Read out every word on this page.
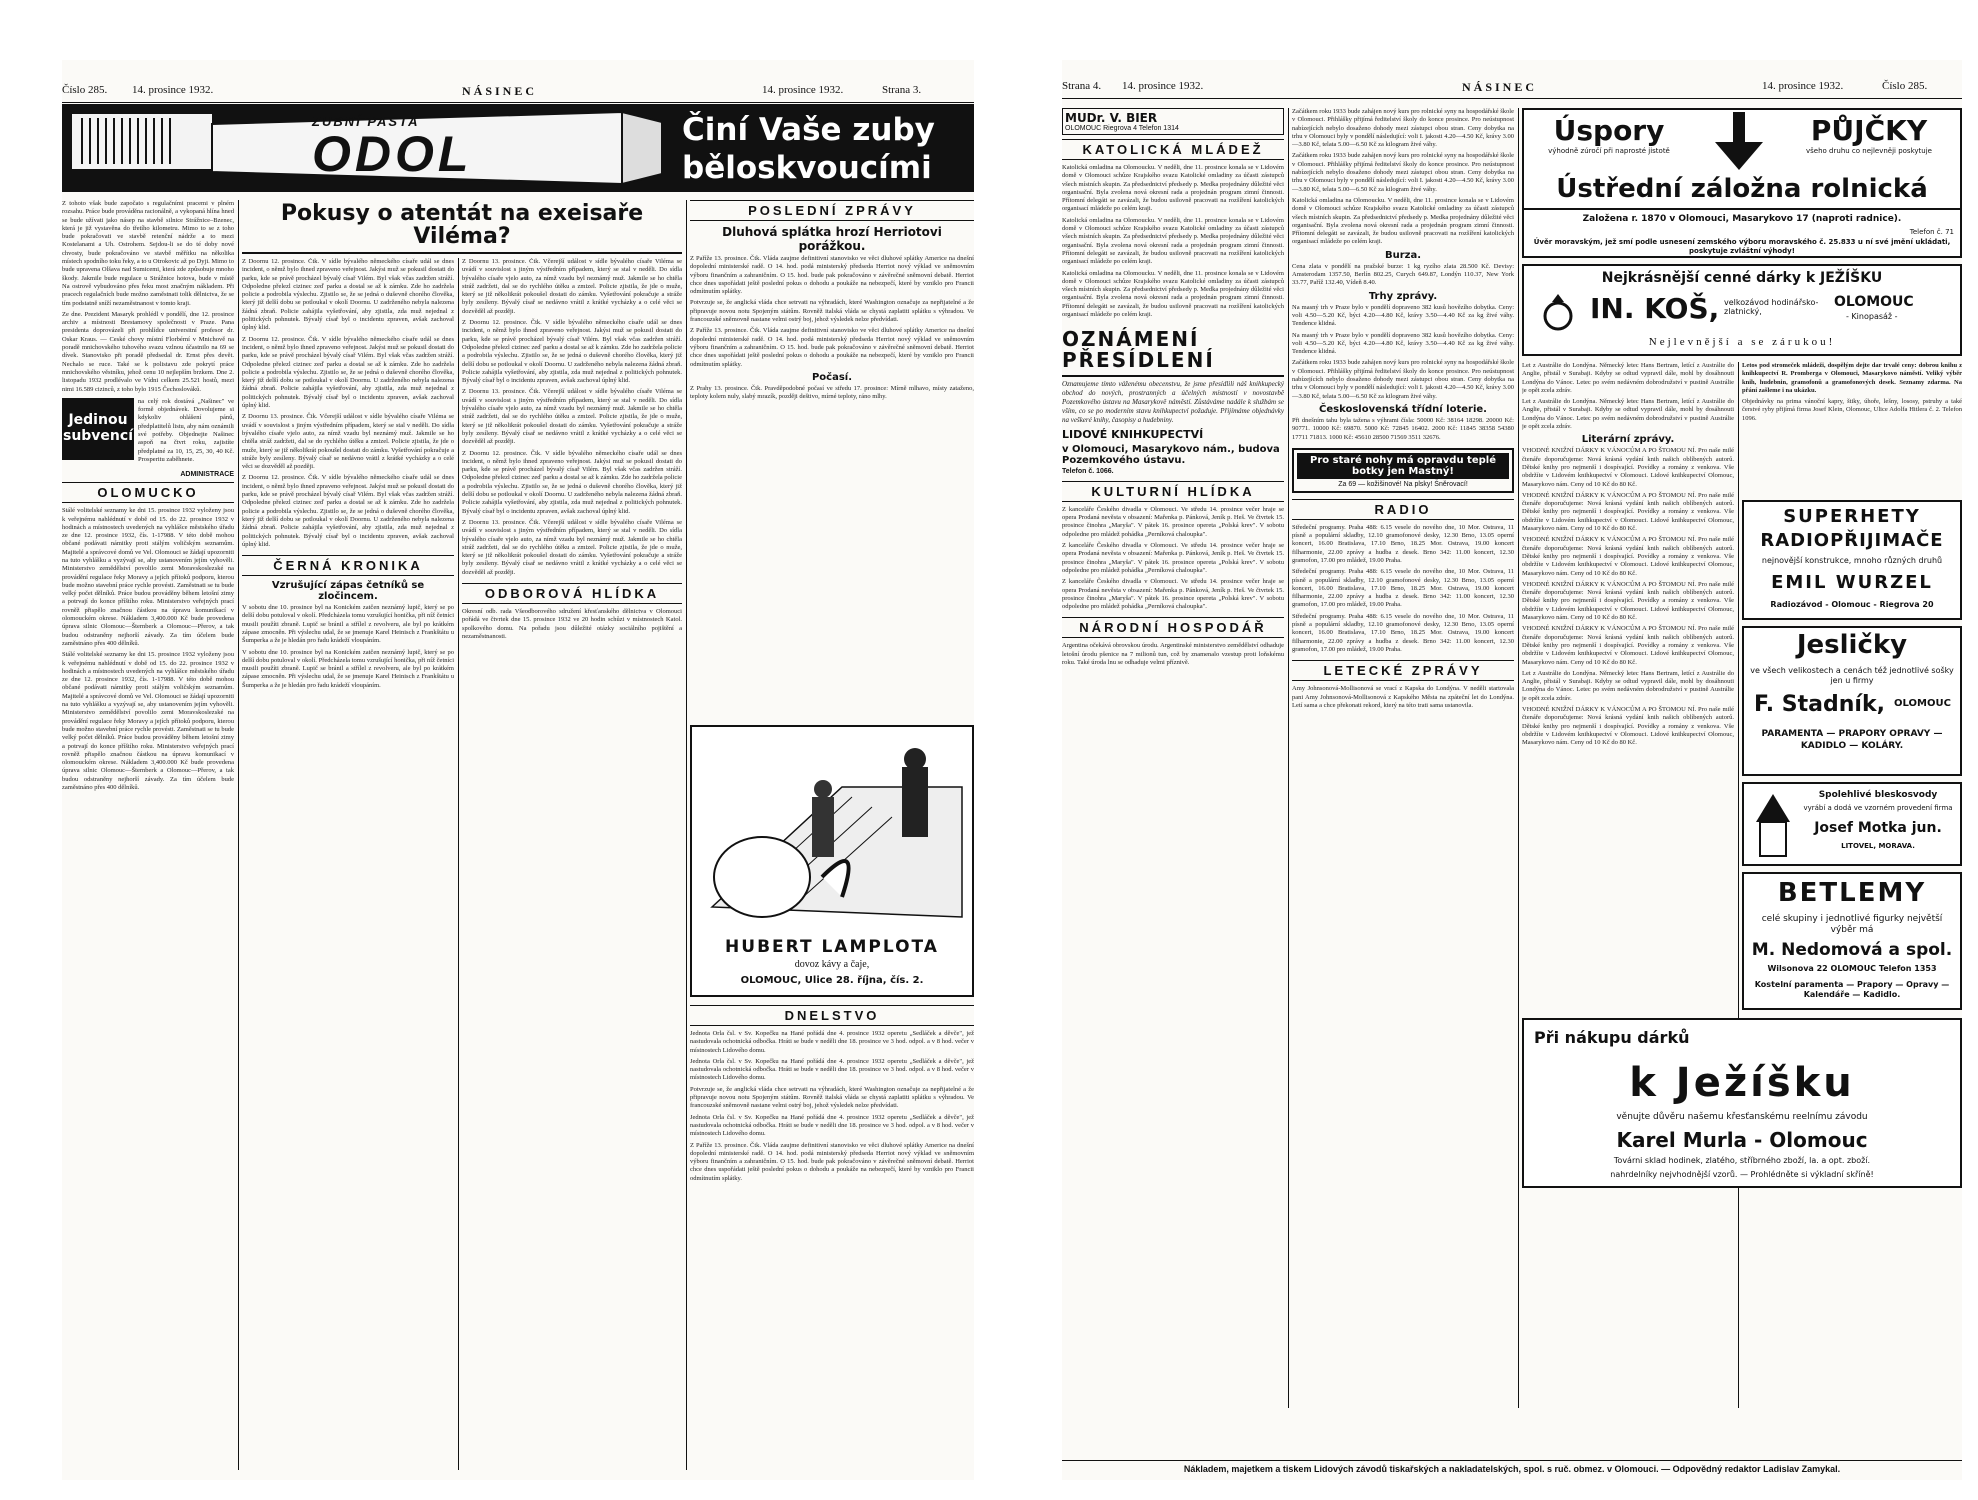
Číslo 285. 14. prosince 1932.	NÁSINEC	14. prosince 1932.	Strana 3.
ZUBNÍ PASTA
ODOL	Činí Vaše zuby
běloskvoucími
Pokusy o atentát na exeisaře Viléma?

Z tohoto však bude započato s regulačními pracemi v plném rozsahu. Práce bude prováděna racionálně, a vykopaná hlína hned se bude užívati jako násep na stavbě silnice Strážnice–Bzenec, která je již vystavěna do třetího kilometru. Mimo to se z toho bude pokračovati ve stavbě retenční nádrže a to mezi Kostelanami a Uh. Ostrohem. Sejdou-li se do té doby nové chvosty, bude pokračováno ve stavbě měřítku na několika místech spodního toku řeky, a to u Otrokovic až po Dyji. Mimo to bude upravena Olšava nad Sumicemi, která zde způsobuje mnoho škody. Jakmile bude regulace u Strážnice hotova, bude v místě Na ostrově vybudováno přes řeku most značným nákladem. Při pracech regulačních bude možno zaměstnati tolik dělnictva, že se tím podstatně sníží nezaměstnanost v tomto kraji.

Ze dne. Prezident Masaryk prohlédl v pondělí, dne 12. prosince archiv a místnosti Brestamovy společnosti v Praze. Pana presidenta doprovázeli při prohlídce universitní profesor dr. Oskar Kraus. — Ceské chovy místní Florbérní v Mnichově na poradě mnichovského tuhového svazu vzlnou účastnilo na 69 se dívek. Stanovisko při poradě předsedal dr. Ernst přes devět. Nechalo se ruce. Také se k polistavu zde pokrytí práce mnichovského věstníku, jehož cenu 10 nejlepším brzkem. Dne 2. listopadu 1932 prodlévalo ve Vídni celkem 25.521 hostů, mezi nimi 16.589 cizinců, z toho bylo 1915 Čechoslováků.

Jedinou subvencí

na celý rok dostává „Našinec" ve formě objednávek. Dovolujeme si kdykoliv ohlášení pánů, předplatitelů listu, aby nám oznámili své potřeby. Objednejte Našinec aspoň na čtvrt roku, zajistíte předplatné za 10, 15, 25, 30, 40 Kč. Prosperitu zaběhnete.

ADMINISTRACE
OLOMUCKO

Stálé volitelské seznamy ke dni 15. prosince 1932 vyloženy jsou k veřejnému nahlédnutí v době od 15. do 22. prosince 1932 v hodinách a místnostech uvedených na vyhlášce městského úřadu ze dne 12. prosince 1932, čís. 1-17988. V této době mohou občané podávati námitky proti stálým voličským seznamům. Majitelé a správcové domů ve Vel. Olomouci se žádají upozorniti na tuto vyhlášku a vyzývají se, aby ustanovením jejím vyhověli. Ministerstvo zemědělství povolilo zemi Moravskoslezské na provádění regulace řeky Moravy a jejích přítoků podporu, kterou bude možno stavební práce rychle provésti. Zaměstnati se tu bude velký počet dělníků. Práce budou prováděny během letošní zimy a potrvají do konce příštího roku. Ministerstvo veřejných prací rovněž přispělo značnou částkou na úpravu komunikací v olomouckém okrese. Nákladem 3,400.000 Kč bude provedena úprava silnic Olomouc—Šternberk a Olomouc—Přerov, a tak budou odstraněny nejhorší závady. Za tím účelem bude zaměstnáno přes 400 dělníků.

Stálé volitelské seznamy ke dni 15. prosince 1932 vyloženy jsou k veřejnému nahlédnutí v době od 15. do 22. prosince 1932 v hodinách a místnostech uvedených na vyhlášce městského úřadu ze dne 12. prosince 1932, čís. 1-17988. V této době mohou občané podávati námitky proti stálým voličským seznamům. Majitelé a správcové domů ve Vel. Olomouci se žádají upozorniti na tuto vyhlášku a vyzývají se, aby ustanovením jejím vyhověli. Ministerstvo zemědělství povolilo zemi Moravskoslezské na provádění regulace řeky Moravy a jejích přítoků podporu, kterou bude možno stavební práce rychle provésti. Zaměstnati se tu bude velký počet dělníků. Práce budou prováděny během letošní zimy a potrvají do konce příštího roku. Ministerstvo veřejných prací rovněž přispělo značnou částkou na úpravu komunikací v olomouckém okrese. Nákladem 3,400.000 Kč bude provedena úprava silnic Olomouc—Šternberk a Olomouc—Přerov, a tak budou odstraněny nejhorší závady. Za tím účelem bude zaměstnáno přes 400 dělníků.

Z Doornu 12. prosince. Čtk. V sídle bývalého německého císaře udál se dnes incident, o němž bylo ihned zpraveno veřejnost. Jakýsi muž se pokusil dostati do parku, kde se právě procházel bývalý císař Vilém. Byl však včas zadržen stráží. Odpoledne přelezl cizinec zeď parku a dostal se až k zámku. Zde ho zadržela policie a podrobila výslechu. Zjistilo se, že se jedná o duševně chorého člověka, který již delší dobu se potloukal v okolí Doornu. U zadrženého nebyla nalezena žádná zbraň. Policie zahájila vyšetřování, aby zjistila, zda muž nejednal z politických pohnutek. Bývalý císař byl o incidentu zpraven, avšak zachoval úplný klid.

Z Doornu 12. prosince. Čtk. V sídle bývalého německého císaře udál se dnes incident, o němž bylo ihned zpraveno veřejnost. Jakýsi muž se pokusil dostati do parku, kde se právě procházel bývalý císař Vilém. Byl však včas zadržen stráží. Odpoledne přelezl cizinec zeď parku a dostal se až k zámku. Zde ho zadržela policie a podrobila výslechu. Zjistilo se, že se jedná o duševně chorého člověka, který již delší dobu se potloukal v okolí Doornu. U zadrženého nebyla nalezena žádná zbraň. Policie zahájila vyšetřování, aby zjistila, zda muž nejednal z politických pohnutek. Bývalý císař byl o incidentu zpraven, avšak zachoval úplný klid.

Z Doornu 13. prosince. Čtk. Včerejší událost v sídle bývalého císaře Viléma se uvádí v souvislost s jiným výstředním případem, který se stal v neděli. Do sídla bývalého císaře vjelo auto, za nímž vzadu byl neznámý muž. Jakmile se ho chtěla stráž zadržeti, dal se do rychlého útěku a zmizel. Policie zjistila, že jde o muže, který se již několikrát pokoušel dostati do zámku. Vyšetřování pokračuje a stráže byly zesíleny. Bývalý císař se nedávno vrátil z krátké vycházky a o celé věci se dozvěděl až později.

Z Doornu 12. prosince. Čtk. V sídle bývalého německého císaře udál se dnes incident, o němž bylo ihned zpraveno veřejnost. Jakýsi muž se pokusil dostati do parku, kde se právě procházel bývalý císař Vilém. Byl však včas zadržen stráží. Odpoledne přelezl cizinec zeď parku a dostal se až k zámku. Zde ho zadržela policie a podrobila výslechu. Zjistilo se, že se jedná o duševně chorého člověka, který již delší dobu se potloukal v okolí Doornu. U zadrženého nebyla nalezena žádná zbraň. Policie zahájila vyšetřování, aby zjistila, zda muž nejednal z politických pohnutek. Bývalý císař byl o incidentu zpraven, avšak zachoval úplný klid.

ČERNÁ KRONIKA
Vzrušující zápas četníků se zločincem.

V sobotu dne 10. prosince byl na Konickém zatčen neznámý lupič, který se po delší dobu potuloval v okolí. Předcházela tomu vzrušující honička, při níž četníci musili použíti zbraně. Lupič se bránil a střílel z revolveru, ale byl po krátkém zápase zmocněn. Při výslechu udal, že se jmenuje Karel Heinisch z Frankštátu u Šumperka a že je hledán pro řadu krádeží vloupáním.

V sobotu dne 10. prosince byl na Konickém zatčen neznámý lupič, který se po delší dobu potuloval v okolí. Předcházela tomu vzrušující honička, při níž četníci musili použíti zbraně. Lupič se bránil a střílel z revolveru, ale byl po krátkém zápase zmocněn. Při výslechu udal, že se jmenuje Karel Heinisch z Frankštátu u Šumperka a že je hledán pro řadu krádeží vloupáním.

Z Doornu 13. prosince. Čtk. Včerejší událost v sídle bývalého císaře Viléma se uvádí v souvislost s jiným výstředním případem, který se stal v neděli. Do sídla bývalého císaře vjelo auto, za nímž vzadu byl neznámý muž. Jakmile se ho chtěla stráž zadržeti, dal se do rychlého útěku a zmizel. Policie zjistila, že jde o muže, který se již několikrát pokoušel dostati do zámku. Vyšetřování pokračuje a stráže byly zesíleny. Bývalý císař se nedávno vrátil z krátké vycházky a o celé věci se dozvěděl až později.

Z Doornu 12. prosince. Čtk. V sídle bývalého německého císaře udál se dnes incident, o němž bylo ihned zpraveno veřejnost. Jakýsi muž se pokusil dostati do parku, kde se právě procházel bývalý císař Vilém. Byl však včas zadržen stráží. Odpoledne přelezl cizinec zeď parku a dostal se až k zámku. Zde ho zadržela policie a podrobila výslechu. Zjistilo se, že se jedná o duševně chorého člověka, který již delší dobu se potloukal v okolí Doornu. U zadrženého nebyla nalezena žádná zbraň. Policie zahájila vyšetřování, aby zjistila, zda muž nejednal z politických pohnutek. Bývalý císař byl o incidentu zpraven, avšak zachoval úplný klid.

Z Doornu 13. prosince. Čtk. Včerejší událost v sídle bývalého císaře Viléma se uvádí v souvislost s jiným výstředním případem, který se stal v neděli. Do sídla bývalého císaře vjelo auto, za nímž vzadu byl neznámý muž. Jakmile se ho chtěla stráž zadržeti, dal se do rychlého útěku a zmizel. Policie zjistila, že jde o muže, který se již několikrát pokoušel dostati do zámku. Vyšetřování pokračuje a stráže byly zesíleny. Bývalý císař se nedávno vrátil z krátké vycházky a o celé věci se dozvěděl až později.

Z Doornu 12. prosince. Čtk. V sídle bývalého německého císaře udál se dnes incident, o němž bylo ihned zpraveno veřejnost. Jakýsi muž se pokusil dostati do parku, kde se právě procházel bývalý císař Vilém. Byl však včas zadržen stráží. Odpoledne přelezl cizinec zeď parku a dostal se až k zámku. Zde ho zadržela policie a podrobila výslechu. Zjistilo se, že se jedná o duševně chorého člověka, který již delší dobu se potloukal v okolí Doornu. U zadrženého nebyla nalezena žádná zbraň. Policie zahájila vyšetřování, aby zjistila, zda muž nejednal z politických pohnutek. Bývalý císař byl o incidentu zpraven, avšak zachoval úplný klid.

Z Doornu 13. prosince. Čtk. Včerejší událost v sídle bývalého císaře Viléma se uvádí v souvislost s jiným výstředním případem, který se stal v neděli. Do sídla bývalého císaře vjelo auto, za nímž vzadu byl neznámý muž. Jakmile se ho chtěla stráž zadržeti, dal se do rychlého útěku a zmizel. Policie zjistila, že jde o muže, který se již několikrát pokoušel dostati do zámku. Vyšetřování pokračuje a stráže byly zesíleny. Bývalý císař se nedávno vrátil z krátké vycházky a o celé věci se dozvěděl až později.

ODBOROVÁ HLÍDKA

Okresní odb. rada Všeodborového sdružení křesťanského dělnictva v Olomouci pořádá ve čtvrtek dne 15. prosince 1932 ve 20 hodin schůzi v místnostech Katol. spolkového domu. Na pořadu jsou důležité otázky sociálního pojištění a nezaměstnanosti.

POSLEDNÍ ZPRÁVY
Dluhová splátka hrozí Herriotovi porážkou.

Z Paříže 13. prosince. Čtk. Vláda zaujme definitivní stanovisko ve věci dluhové splátky Americe na dnešní dopolední ministerské radě. O 14. hod. podá ministerský předseda Herriot nový výklad ve sněmovním výboru finančním a zahraničním. O 15. hod. bude pak pokračováno v závěrečné sněmovní debatě. Herriot chce dnes uspořádati ještě poslední pokus o dohodu a poukáže na nebezpečí, které by vzniklo pro Francii odmítnutím splátky.

Potvrzuje se, že anglická vláda chce setrvati na výhradách, které Washington označuje za nepřijatelné a že připravuje novou notu Spojeným státům. Rovněž italská vláda se chystá zaplatiti splátku s výhradou. Ve francouzské sněmovně nastane velmi ostrý boj, jehož výsledek nelze předvídati.

Z Paříže 13. prosince. Čtk. Vláda zaujme definitivní stanovisko ve věci dluhové splátky Americe na dnešní dopolední ministerské radě. O 14. hod. podá ministerský předseda Herriot nový výklad ve sněmovním výboru finančním a zahraničním. O 15. hod. bude pak pokračováno v závěrečné sněmovní debatě. Herriot chce dnes uspořádati ještě poslední pokus o dohodu a poukáže na nebezpečí, které by vzniklo pro Francii odmítnutím splátky.

Počasí.

Z Prahy 13. prosince. Čtk. Pravděpodobné počasí ve středu 17. prosince: Mírně mlhavo, místy zataženo, teploty kolem nuly, slabý mrazík, později deštivo, mírné teploty, ráno mlhy.

HUBERT LAMPLOTA
dovoz kávy a čaje,
OLOMOUC, Ulice 28. října, čís. 2.
DNELSTVO

Jednota Orla čsl. v Sv. Kopečku na Hané pořádá dne 4. prosince 1932 operetu „Sedláček a děvče", jež nastudovala ochotnická odbočka. Hráti se bude v neděli dne 18. prosince ve 3 hod. odpol. a v 8 hod. večer v místnostech Lidového domu.

Jednota Orla čsl. v Sv. Kopečku na Hané pořádá dne 4. prosince 1932 operetu „Sedláček a děvče", jež nastudovala ochotnická odbočka. Hráti se bude v neděli dne 18. prosince ve 3 hod. odpol. a v 8 hod. večer v místnostech Lidového domu.

Potvrzuje se, že anglická vláda chce setrvati na výhradách, které Washington označuje za nepřijatelné a že připravuje novou notu Spojeným státům. Rovněž italská vláda se chystá zaplatiti splátku s výhradou. Ve francouzské sněmovně nastane velmi ostrý boj, jehož výsledek nelze předvídati.

Jednota Orla čsl. v Sv. Kopečku na Hané pořádá dne 4. prosince 1932 operetu „Sedláček a děvče", jež nastudovala ochotnická odbočka. Hráti se bude v neděli dne 18. prosince ve 3 hod. odpol. a v 8 hod. večer v místnostech Lidového domu.

Z Paříže 13. prosince. Čtk. Vláda zaujme definitivní stanovisko ve věci dluhové splátky Americe na dnešní dopolední ministerské radě. O 14. hod. podá ministerský předseda Herriot nový výklad ve sněmovním výboru finančním a zahraničním. O 15. hod. bude pak pokračováno v závěrečné sněmovní debatě. Herriot chce dnes uspořádati ještě poslední pokus o dohodu a poukáže na nebezpečí, které by vzniklo pro Francii odmítnutím splátky.

Strana 4. 14. prosince 1932.	NÁSINEC	14. prosince 1932.	Číslo 285.
MUDr. V. BIER
OLOMOUC Riegrova 4 Telefon 1314
KATOLICKÁ MLÁDEŽ

Katolická omladina na Olomoucku. V neděli, dne 11. prosince konala se v Lidovém domě v Olomouci schůze Krajského svazu Katolické omladiny za účasti zástupců všech místních skupin. Za předsednictví předsedy p. Medka projednány důležité věci organisační. Byla zvolena nová okresní rada a projednán program zimní činnosti. Přítomní delegáti se zavázali, že budou usilovně pracovati na rozšíření katolických organisací mládeže po celém kraji.

Katolická omladina na Olomoucku. V neděli, dne 11. prosince konala se v Lidovém domě v Olomouci schůze Krajského svazu Katolické omladiny za účasti zástupců všech místních skupin. Za předsednictví předsedy p. Medka projednány důležité věci organisační. Byla zvolena nová okresní rada a projednán program zimní činnosti. Přítomní delegáti se zavázali, že budou usilovně pracovati na rozšíření katolických organisací mládeže po celém kraji.

Katolická omladina na Olomoucku. V neděli, dne 11. prosince konala se v Lidovém domě v Olomouci schůze Krajského svazu Katolické omladiny za účasti zástupců všech místních skupin. Za předsednictví předsedy p. Medka projednány důležité věci organisační. Byla zvolena nová okresní rada a projednán program zimní činnosti. Přítomní delegáti se zavázali, že budou usilovně pracovati na rozšíření katolických organisací mládeže po celém kraji.

OZNÁMENÍ PŘESÍDLENÍ

Oznamujeme tímto váženému obecenstvu, že jsme přesídlili náš knihkupecký obchod do nových, prostranných a účelných místností v novostavbě Pozemkového ústavu na Masarykově náměstí. Zůstáváme nadále k službám se vším, co se po moderním stavu knihkupectví požaduje. Přijímáme objednávky na veškeré knihy, časopisy a hudebniny.

LIDOVÉ KNIHKUPECTVÍ
v Olomouci, Masarykovo nám., budova Pozemkového ústavu.
Telefon č. 1066.
KULTURNÍ HLÍDKA

Z kanceláře Českého divadla v Olomouci. Ve středu 14. prosince večer hraje se opera Prodaná nevěsta v obsazení: Mařenka p. Pánková, Jeník p. Heš. Ve čtvrtek 15. prosince činohra „Maryša". V pátek 16. prosince opereta „Polská krev". V sobotu odpoledne pro mládež pohádka „Perníková chaloupka".

Z kanceláře Českého divadla v Olomouci. Ve středu 14. prosince večer hraje se opera Prodaná nevěsta v obsazení: Mařenka p. Pánková, Jeník p. Heš. Ve čtvrtek 15. prosince činohra „Maryša". V pátek 16. prosince opereta „Polská krev". V sobotu odpoledne pro mládež pohádka „Perníková chaloupka".

Z kanceláře Českého divadla v Olomouci. Ve středu 14. prosince večer hraje se opera Prodaná nevěsta v obsazení: Mařenka p. Pánková, Jeník p. Heš. Ve čtvrtek 15. prosince činohra „Maryša". V pátek 16. prosince opereta „Polská krev". V sobotu odpoledne pro mládež pohádka „Perníková chaloupka".

NÁRODNÍ HOSPODÁŘ

Argentina očekává obrovskou úrodu. Argentinské ministerstvo zemědělství odhaduje letošní úrodu pšenice na 7 milionů tun, což by znamenalo vzestup proti loňskému roku. Také úroda lnu se odhaduje velmi příznivě.

Začátkem roku 1933 bude zahájen nový kurs pro rolnické syny na hospodářské škole v Olomouci. Přihlášky přijímá ředitelství školy do konce prosince. Pro neústupnost nabízejících nebylo dosaženo dohody mezi zástupci obou stran. Ceny dobytka na trhu v Olomouci byly v pondělí následující: voli I. jakosti 4.20—4.50 Kč, krávy 3.00—3.80 Kč, telata 5.00—6.50 Kč za kilogram živé váhy.

Začátkem roku 1933 bude zahájen nový kurs pro rolnické syny na hospodářské škole v Olomouci. Přihlášky přijímá ředitelství školy do konce prosince. Pro neústupnost nabízejících nebylo dosaženo dohody mezi zástupci obou stran. Ceny dobytka na trhu v Olomouci byly v pondělí následující: voli I. jakosti 4.20—4.50 Kč, krávy 3.00—3.80 Kč, telata 5.00—6.50 Kč za kilogram živé váhy.

Katolická omladina na Olomoucku. V neděli, dne 11. prosince konala se v Lidovém domě v Olomouci schůze Krajského svazu Katolické omladiny za účasti zástupců všech místních skupin. Za předsednictví předsedy p. Medka projednány důležité věci organisační. Byla zvolena nová okresní rada a projednán program zimní činnosti. Přítomní delegáti se zavázali, že budou usilovně pracovati na rozšíření katolických organisací mládeže po celém kraji.

Burza.

Cena zlata v pondělí na pražské burze: 1 kg ryzího zlata 28.500 Kč. Devisy: Amsterodam 1357.50, Berlín 802.25, Curych 649.87, Londýn 110.37, New York 33.77, Paříž 132.40, Vídeň 8.40.

Trhy zprávy.

Na masný trh v Praze bylo v pondělí dopraveno 382 kusů hovězího dobytka. Ceny: voli 4.50—5.20 Kč, býci 4.20—4.80 Kč, krávy 3.50—4.40 Kč za kg živé váhy. Tendence klidná.

Na masný trh v Praze bylo v pondělí dopraveno 382 kusů hovězího dobytka. Ceny: voli 4.50—5.20 Kč, býci 4.20—4.80 Kč, krávy 3.50—4.40 Kč za kg živé váhy. Tendence klidná.

Začátkem roku 1933 bude zahájen nový kurs pro rolnické syny na hospodářské škole v Olomouci. Přihlášky přijímá ředitelství školy do konce prosince. Pro neústupnost nabízejících nebylo dosaženo dohody mezi zástupci obou stran. Ceny dobytka na trhu v Olomouci byly v pondělí následující: voli I. jakosti 4.20—4.50 Kč, krávy 3.00—3.80 Kč, telata 5.00—6.50 Kč za kilogram živé váhy.

Československá třídní loterie.

Při dnešním tahu byla tažena s výhrami čísla: 50000 Kč: 38164 18298. 20000 Kč: 90771. 10000 Kč: 69870. 5000 Kč: 72845 16402. 2000 Kč: 11845 38358 54380 17711 71813. 1000 Kč: 45610 28500 71569 3511 32676.

Pro staré nohy má opravdu teplé botky jen Mastný!
Za 69 — kožišinové! Na plsky! Šněrovací!
RADIO

Středeční programy. Praha 488: 6.15 vesele do nového dne, 10 Mor. Ostrava, 11 písně a populární skladby, 12.10 gramofonové desky, 12.30 Brno, 13.05 operní koncert, 16.00 Bratislava, 17.10 Brno, 18.25 Mor. Ostrava, 19.00 koncert filharmonie, 22.00 zprávy a hudba z desek. Brno 342: 11.00 koncert, 12.30 gramofon, 17.00 pro mládež, 19.00 Praha.

Středeční programy. Praha 488: 6.15 vesele do nového dne, 10 Mor. Ostrava, 11 písně a populární skladby, 12.10 gramofonové desky, 12.30 Brno, 13.05 operní koncert, 16.00 Bratislava, 17.10 Brno, 18.25 Mor. Ostrava, 19.00 koncert filharmonie, 22.00 zprávy a hudba z desek. Brno 342: 11.00 koncert, 12.30 gramofon, 17.00 pro mládež, 19.00 Praha.

Středeční programy. Praha 488: 6.15 vesele do nového dne, 10 Mor. Ostrava, 11 písně a populární skladby, 12.10 gramofonové desky, 12.30 Brno, 13.05 operní koncert, 16.00 Bratislava, 17.10 Brno, 18.25 Mor. Ostrava, 19.00 koncert filharmonie, 22.00 zprávy a hudba z desek. Brno 342: 11.00 koncert, 12.30 gramofon, 17.00 pro mládež, 19.00 Praha.

LETECKÉ ZPRÁVY

Amy Johnsonová-Mollisonová se vrací z Kapska do Londýna. V neděli startovala pani Amy Johnsonová-Mollisonová z Kapského Města na zpáteční let do Londýna. Letí sama a chce překonati rekord, který na této trati sama ustanovila.

Úspory
výhodně zúročí při naprosté jistotě
PŮJČKY
všeho druhu co nejlevněji poskytuje
Ústřední záložna rolnická
Založena r. 1870 v Olomouci, Masarykovo 17 (naproti radnice).
Telefon č. 71
Úvěr moravským, jež smí podle usnesení zemského výboru moravského č. 25.833 u ní své jmění ukládati, poskytuje zvláštní výhody!
Nejkrásnější cenné dárky k JEŽÍŠKU
IN. KOŠ, velkozávod hodinářsko-zlatnický,
OLOMOUC
- Kinopasáž -
Nejlevnější a se zárukou!

Let z Austrálie do Londýna. Německý letec Hans Bertram, letící z Austrálie do Anglie, přistál v Surabaji. Kdyby se odtud vypravil dále, mohl by dosáhnouti Londýna do Vánoc. Letec po svém nedávném dobrodružství v pustině Austrálie je opět zcela zdráv.

Let z Austrálie do Londýna. Německý letec Hans Bertram, letící z Austrálie do Anglie, přistál v Surabaji. Kdyby se odtud vypravil dále, mohl by dosáhnouti Londýna do Vánoc. Letec po svém nedávném dobrodružství v pustině Austrálie je opět zcela zdráv.

Literární zprávy.

VHODNÉ KNIŽNÍ DÁRKY K VÁNOCŮM A PO ŠTOMOU NÍ. Pro naše milé čtenáře doporučujeme: Nová krásná vydání knih našich oblíbených autorů. Dětské knihy pro nejmenší i dospívající. Povídky a romány z venkova. Vše obdržíte v Lidovém knihkupectví v Olomouci. Lidové knihkupectví Olomouc, Masarykovo nám. Ceny od 10 Kč do 80 Kč.

VHODNÉ KNIŽNÍ DÁRKY K VÁNOCŮM A PO ŠTOMOU NÍ. Pro naše milé čtenáře doporučujeme: Nová krásná vydání knih našich oblíbených autorů. Dětské knihy pro nejmenší i dospívající. Povídky a romány z venkova. Vše obdržíte v Lidovém knihkupectví v Olomouci. Lidové knihkupectví Olomouc, Masarykovo nám. Ceny od 10 Kč do 80 Kč.

VHODNÉ KNIŽNÍ DÁRKY K VÁNOCŮM A PO ŠTOMOU NÍ. Pro naše milé čtenáře doporučujeme: Nová krásná vydání knih našich oblíbených autorů. Dětské knihy pro nejmenší i dospívající. Povídky a romány z venkova. Vše obdržíte v Lidovém knihkupectví v Olomouci. Lidové knihkupectví Olomouc, Masarykovo nám. Ceny od 10 Kč do 80 Kč.

VHODNÉ KNIŽNÍ DÁRKY K VÁNOCŮM A PO ŠTOMOU NÍ. Pro naše milé čtenáře doporučujeme: Nová krásná vydání knih našich oblíbených autorů. Dětské knihy pro nejmenší i dospívající. Povídky a romány z venkova. Vše obdržíte v Lidovém knihkupectví v Olomouci. Lidové knihkupectví Olomouc, Masarykovo nám. Ceny od 10 Kč do 80 Kč.

VHODNÉ KNIŽNÍ DÁRKY K VÁNOCŮM A PO ŠTOMOU NÍ. Pro naše milé čtenáře doporučujeme: Nová krásná vydání knih našich oblíbených autorů. Dětské knihy pro nejmenší i dospívající. Povídky a romány z venkova. Vše obdržíte v Lidovém knihkupectví v Olomouci. Lidové knihkupectví Olomouc, Masarykovo nám. Ceny od 10 Kč do 80 Kč.

Let z Austrálie do Londýna. Německý letec Hans Bertram, letící z Austrálie do Anglie, přistál v Surabaji. Kdyby se odtud vypravil dále, mohl by dosáhnouti Londýna do Vánoc. Letec po svém nedávném dobrodružství v pustině Austrálie je opět zcela zdráv.

VHODNÉ KNIŽNÍ DÁRKY K VÁNOCŮM A PO ŠTOMOU NÍ. Pro naše milé čtenáře doporučujeme: Nová krásná vydání knih našich oblíbených autorů. Dětské knihy pro nejmenší i dospívající. Povídky a romány z venkova. Vše obdržíte v Lidovém knihkupectví v Olomouci. Lidové knihkupectví Olomouc, Masarykovo nám. Ceny od 10 Kč do 80 Kč.

Letos pod stromeček mládeži, dospělým dejte dar trvalé ceny: dobrou knihu z knihkupectví R. Promberga v Olomouci, Masarykovo náměstí. Veliký výběr knih, hudebnin, gramofonů a gramofonových desek. Seznamy zdarma. Na přání zašleme i na ukázku.

Objednávky na prima vánoční kapry, štiky, úhoře, lešny, lososy, pstruhy a také čerstvé ryby přijímá firma Josef Klein, Olomouc, Ulice Adolfa Hitlera č. 2. Telefon 1096.

SUPERHETY
RADIOPŘIJIMAČE
nejnovější konstrukce, mnoho různých druhů
EMIL WURZEL
Radiozávod - Olomouc - Riegrova 20
Jesličky
ve všech velikostech a cenách též jednotlivé sošky jen u firmy
F. Stadník, OLOMOUC
PARAMENTA — PRAPORY OPRAVY — KADIDLO — KOLÁRY.
Spolehlivé bleskosvody
vyrábí a dodá ve vzorném provedení firma
Josef Motka jun.
LITOVEL, MORAVA.
BETLEMY
celé skupiny i jednotlivé figurky největší výběr má
M. Nedomová a spol.
Wilsonova 22 OLOMOUC Telefon 1353
Kostelní paramenta — Prapory — Opravy — Kalendáře — Kadidlo.
Při nákupu dárků
k Ježíšku
věnujte důvěru našemu křesťanskému reelnímu závodu
Karel Murla - Olomouc
Továrni sklad hodinek, zlatého, stříbrného zboží, la. a opt. zboží.
nahrdelníky nejvhodnější vzorů. — Prohlédněte si výkladní skříně!
Nákladem, majetkem a tiskem Lidových závodů tiskařských a nakladatelských, spol. s ruč. obmez. v Olomouci. — Odpovědný redaktor Ladislav Zamykal.
